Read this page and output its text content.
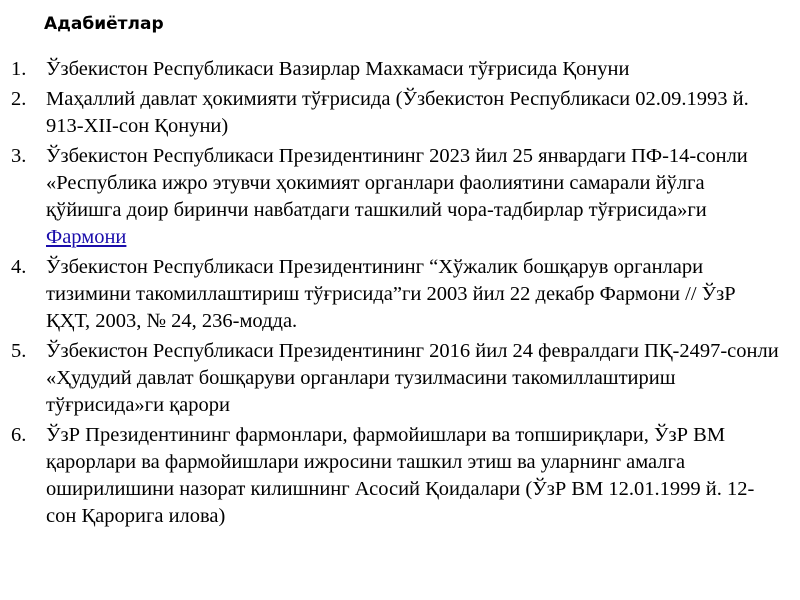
Адабиётлар
1. Ўзбекистон Республикаси Вазирлар Махкамаси тўғрисида Қонуни
2. Маҳаллий давлат ҳокимияти тўғрисида (Ўзбекистон Республикаси 02.09.1993 й. 913-XII-сон Қонуни)
3. Ўзбекистон Республикаси Президентининг 2023 йил 25 январдаги ПФ-14-сонли «Республика ижро этувчи ҳокимият органлари фаолиятини самарали йўлга қўйишга доир биринчи навбатдаги ташкилий чора-тадбирлар тўғрисида»ги Фармони
4. Ўзбекистон Республикаси Президентининг “Хўжалик бошқарув органлари тизимини такомиллаштириш тўғрисида”ги 2003 йил 22 декабр Фармони // ЎзР ҚҲТ, 2003, № 24, 236-модда.
5. Ўзбекистон Республикаси Президентининг 2016 йил 24 февралдаги ПҚ-2497-сонли «Ҳудудий давлат бошқаруви органлари тузилмасини такомиллаштириш тўғрисида»ги қарори
6. ЎзР Президентининг фармонлари, фармойишлари ва топшириқлари, ЎзР ВМ қарорлари ва фармойишлари ижросини ташкил этиш ва уларнинг амалга оширилишини назорат килишнинг Асосий Қоидалари (ЎзР ВМ 12.01.1999 й. 12-сон Қарорига илова)
